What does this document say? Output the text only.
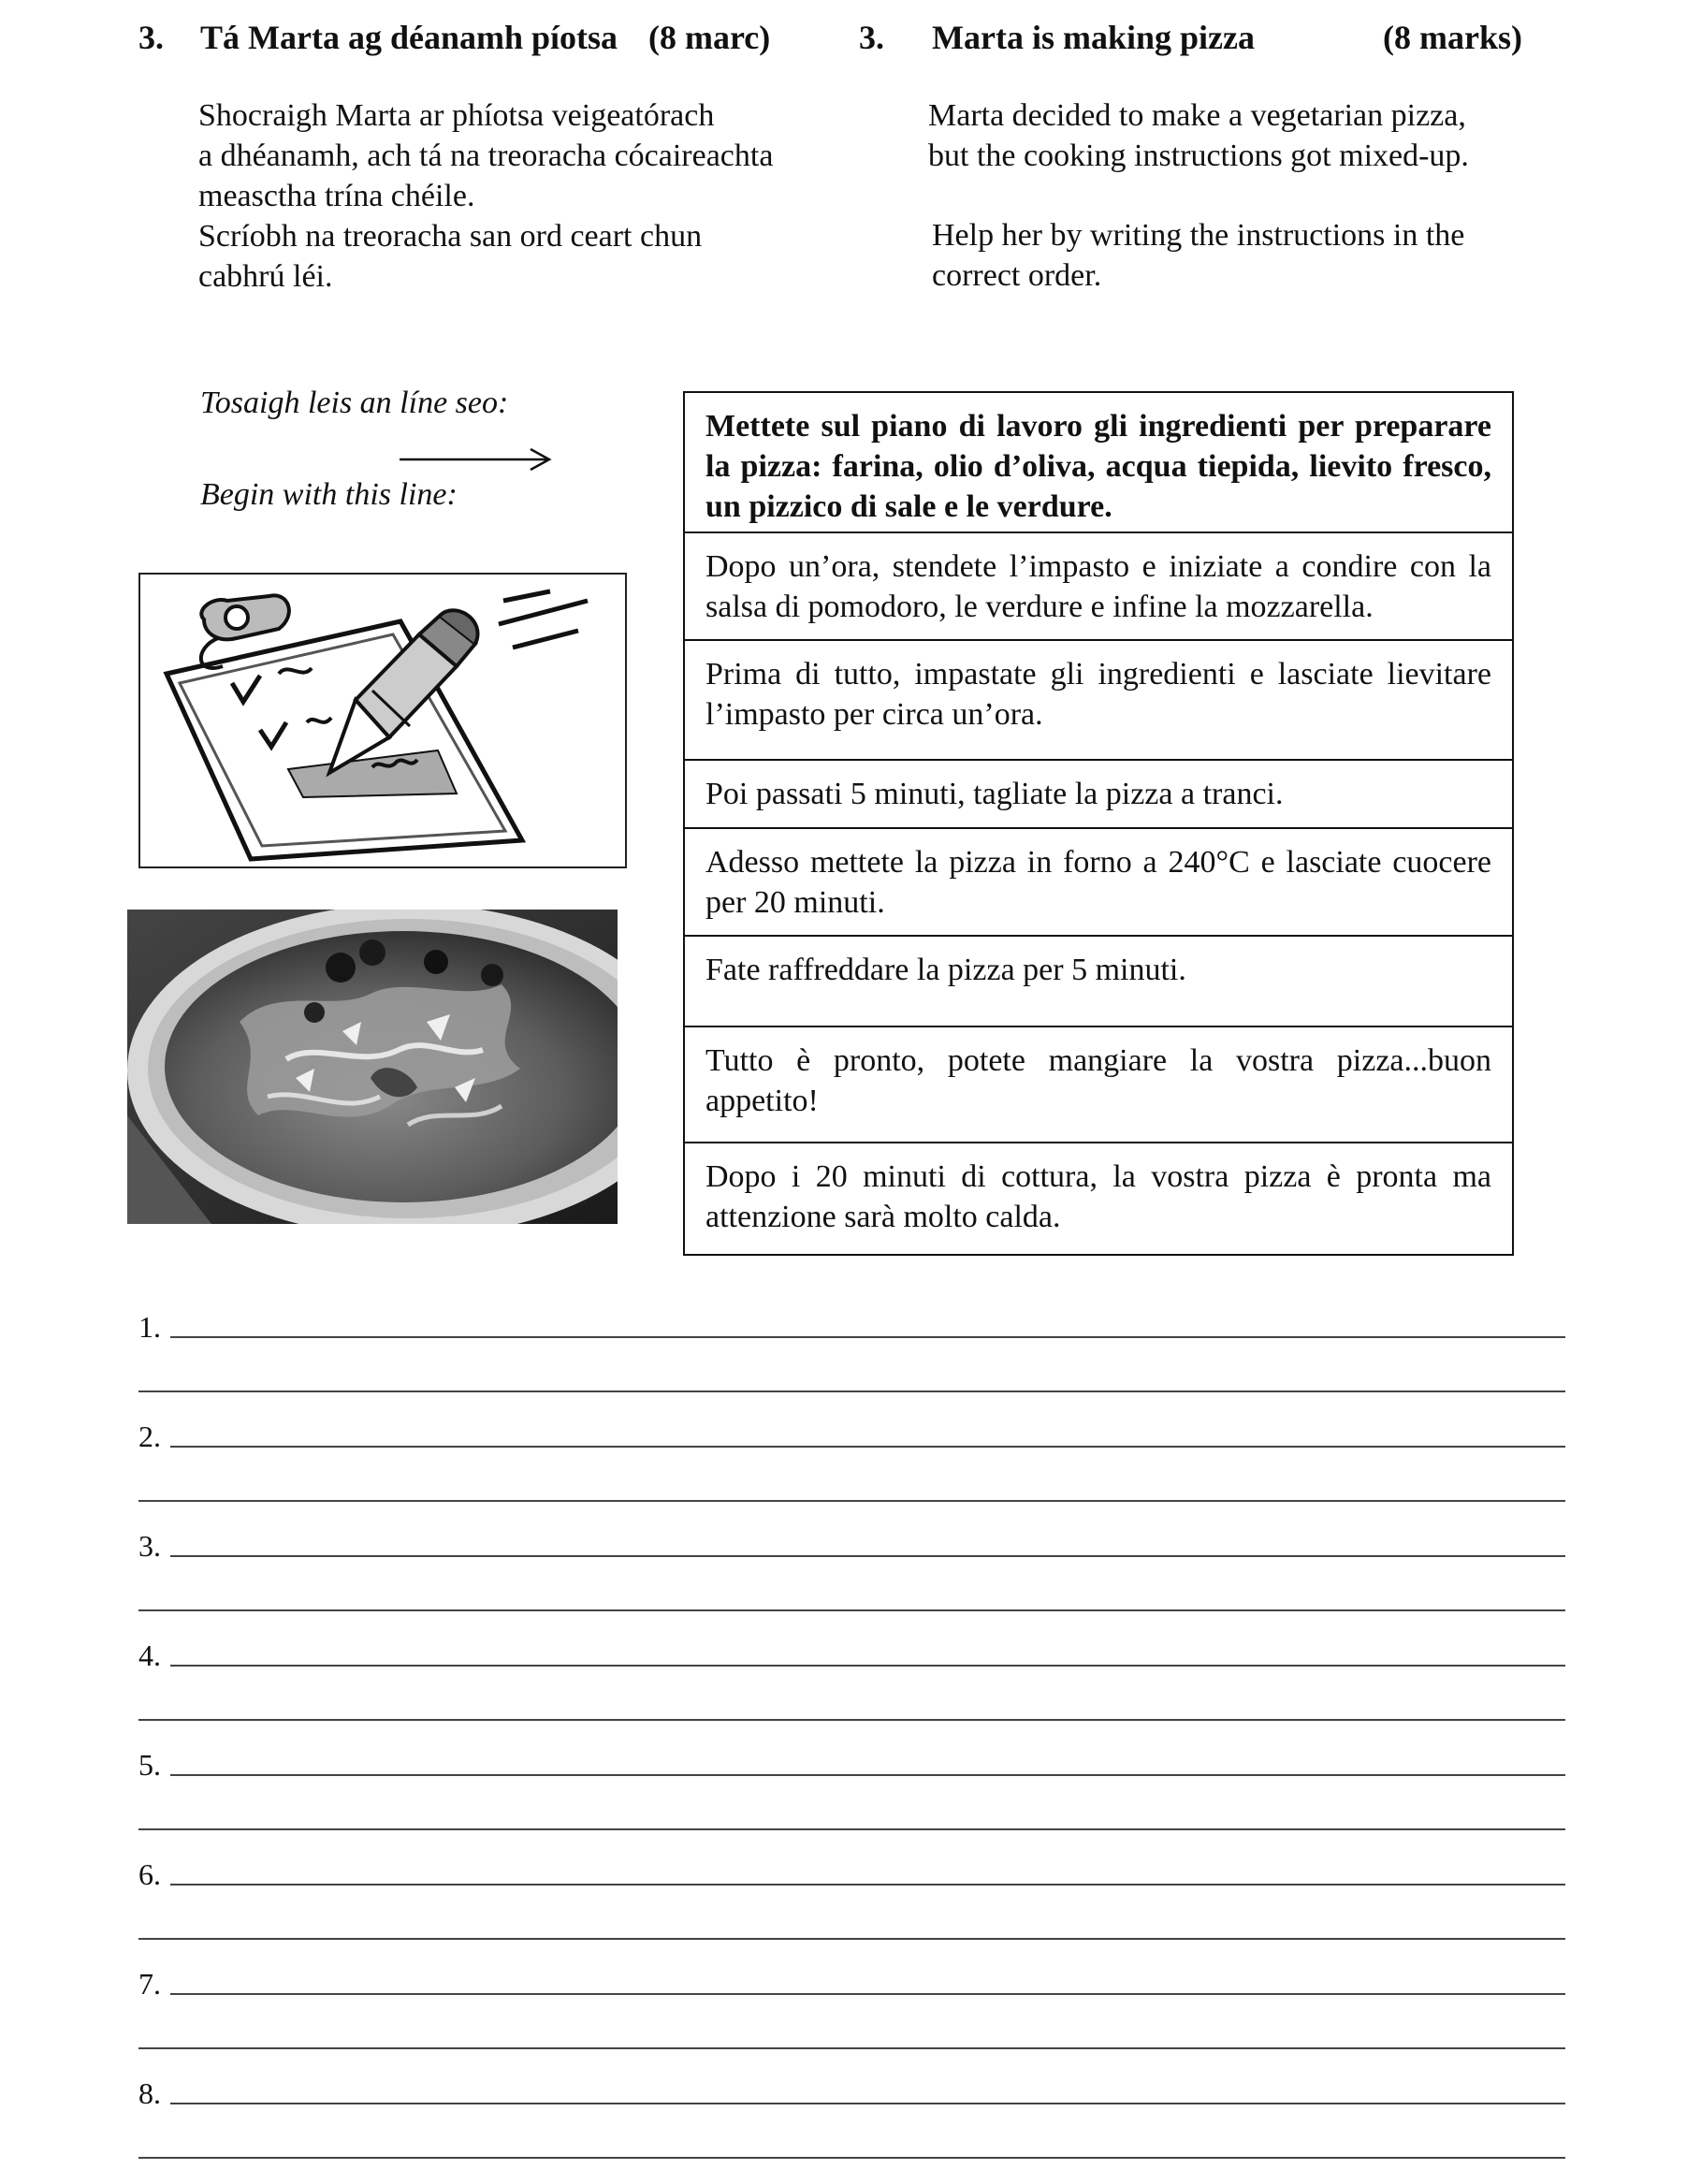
3. Tá Marta ag déanamh píotsa (8 marc)	3. Marta is making pizza	(8 marks)
Shocraigh Marta ar phíotsa veigeatórach
a dhéanamh, ach tá na treoracha cócaireachta
measctha trína chéile.
Scríobh na treoracha san ord ceart chun
cabhrú léi.
Marta decided to make a vegetarian pizza,
but the cooking instructions got mixed-up.
Help her by writing the instructions in the
correct order.
Tosaigh leis an líne seo:
Begin with this line:
Mettete sul piano di lavoro gli ingredienti per preparare la pizza: farina, olio d’oliva, acqua tiepida, lievito fresco, un pizzico di sale e le verdure.
Dopo un’ora, stendete l’impasto e iniziate a condire con la salsa di pomodoro, le verdure e infine la mozzarella.
Prima di tutto, impastate gli ingredienti e lasciate lievitare l’impasto per circa un’ora.
Poi passati 5 minuti, tagliate la pizza a tranci.
Adesso mettete la pizza in forno a 240°C e lasciate cuocere per 20 minuti.
Fate raffreddare la pizza per 5 minuti.
Tutto è pronto, potete mangiare la vostra pizza...buon appetito!
Dopo i 20 minuti di cottura, la vostra pizza è pronta ma attenzione sarà molto calda.
1.
2.
3.
4.
5.
6.
7.
8.
